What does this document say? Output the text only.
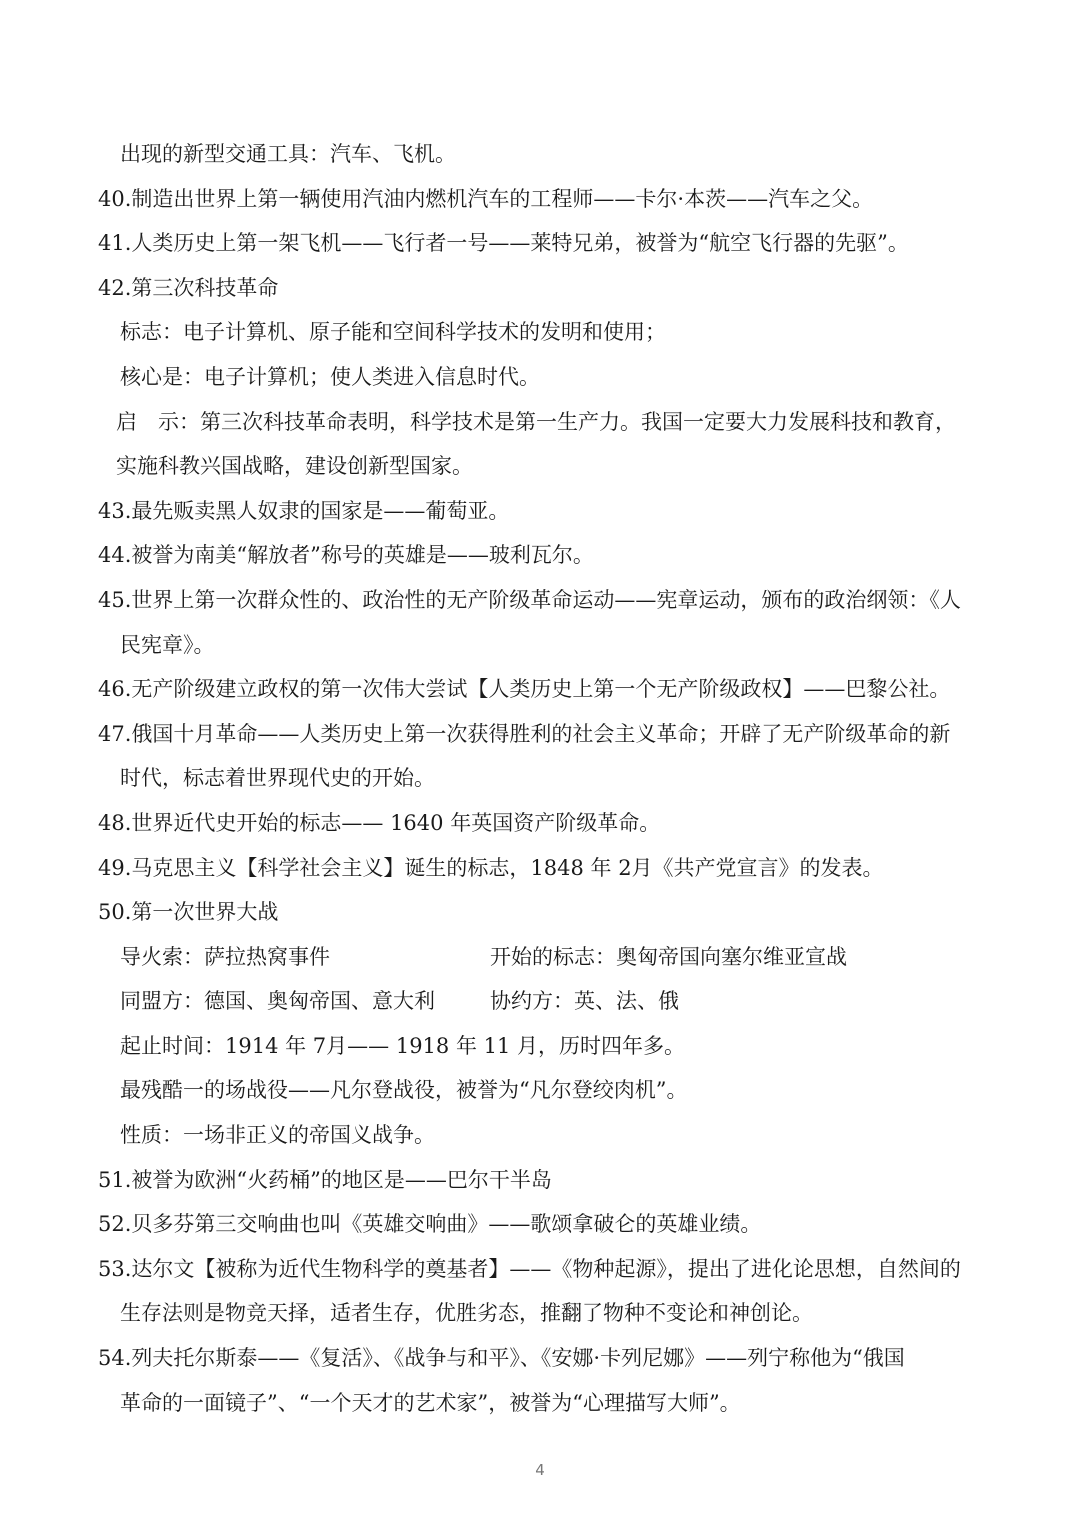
出现的新型交通工具：汽车、飞机。
40.制造出世界上第一辆使用汽油内燃机汽车的工程师——卡尔·本茨——汽车之父。
41.人类历史上第一架飞机——飞行者一号——莱特兄弟，被誉为“航空飞行器的先驱”。
42.第三次科技革命
标志：电子计算机、原子能和空间科学技术的发明和使用；
核心是：电子计算机；使人类进入信息时代。
启　示：第三次科技革命表明，科学技术是第一生产力。我国一定要大力发展科技和教育，
实施科教兴国战略，建设创新型国家。
43.最先贩卖黑人奴隶的国家是——葡萄亚。
44.被誉为南美“解放者”称号的英雄是——玻利瓦尔。
45.世界上第一次群众性的、政治性的无产阶级革命运动——宪章运动，颁布的政治纲领：《人
民宪章》。
46.无产阶级建立政权的第一次伟大尝试【人类历史上第一个无产阶级政权】——巴黎公社。
47.俄国十月革命——人类历史上第一次获得胜利的社会主义革命；开辟了无产阶级革命的新
时代，标志着世界现代史的开始。
48.世界近代史开始的标志—— 1640 年英国资产阶级革命。
49.马克思主义【科学社会主义】诞生的标志，1848 年 2月《共产党宣言》的发表。
50.第一次世界大战
导火索：萨拉热窝事件	开始的标志：奥匈帝国向塞尔维亚宣战
同盟方：德国、奥匈帝国、意大利	协约方：英、法、俄
起止时间：1914 年 7月—— 1918 年 11 月，历时四年多。
最残酷一的场战役——凡尔登战役，被誉为“凡尔登绞肉机”。
性质：一场非正义的帝国义战争。
51.被誉为欧洲“火药桶”的地区是——巴尔干半岛
52.贝多芬第三交响曲也叫《英雄交响曲》——歌颂拿破仑的英雄业绩。
53.达尔文【被称为近代生物科学的奠基者】——《物种起源》，提出了进化论思想，自然间的
生存法则是物竞天择，适者生存，优胜劣态，推翻了物种不变论和神创论。
54.列夫托尔斯泰——《复活》、《战争与和平》、《安娜·卡列尼娜》——列宁称他为“俄国
革命的一面镜子”、“一个天才的艺术家”，被誉为“心理描写大师”。
4
